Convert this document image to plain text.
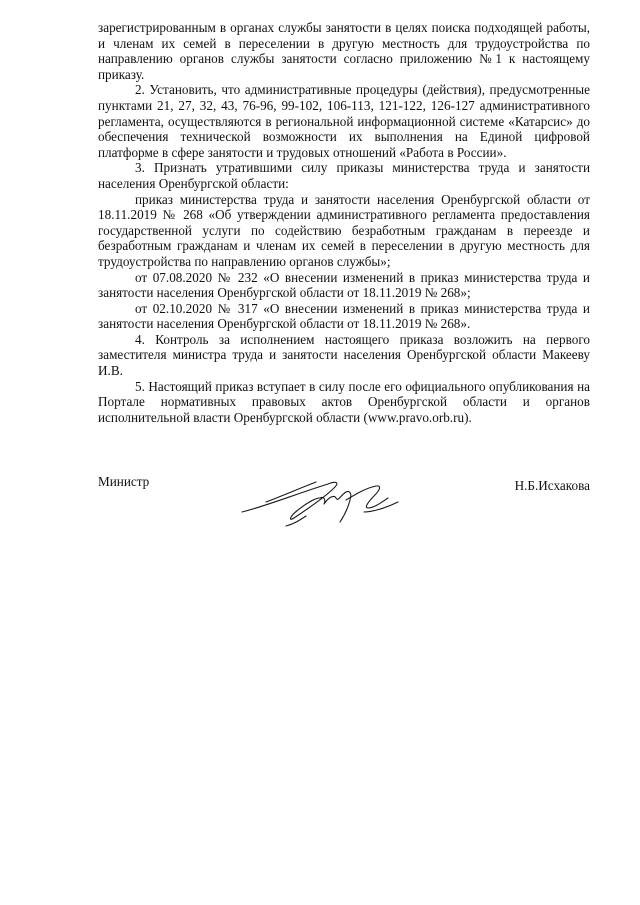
зарегистрированным в органах службы занятости в целях поиска подходящей работы, и членам их семей в переселении в другую местность для трудоустройства по направлению органов службы занятости согласно приложению №1 к настоящему приказу.

2. Установить, что административные процедуры (действия), предусмотренные пунктами 21, 27, 32, 43, 76-96, 99-102, 106-113, 121-122, 126-127 административного регламента, осуществляются в региональной информационной системе «Катарсис» до обеспечения технической возможности их выполнения на Единой цифровой платформе в сфере занятости и трудовых отношений «Работа в России».

3. Признать утратившими силу приказы министерства труда и занятости населения Оренбургской области:

приказ министерства труда и занятости населения Оренбургской области от 18.11.2019 № 268 «Об утверждении административного регламента предоставления государственной услуги по содействию безработным гражданам в переезде и безработным гражданам и членам их семей в переселении в другую местность для трудоустройства по направлению органов службы»;

от 07.08.2020 № 232 «О внесении изменений в приказ министерства труда и занятости населения Оренбургской области от 18.11.2019 № 268»;

от 02.10.2020 № 317 «О внесении изменений в приказ министерства труда и занятости населения Оренбургской области от 18.11.2019 № 268».

4. Контроль за исполнением настоящего приказа возложить на первого заместителя министра труда и занятости населения Оренбургской области Макееву И.В.

5. Настоящий приказ вступает в силу после его официального опубликования на Портале нормативных правовых актов Оренбургской области и органов исполнительной власти Оренбургской области (www.pravo.orb.ru).

Министр	Н.Б.Исхакова
